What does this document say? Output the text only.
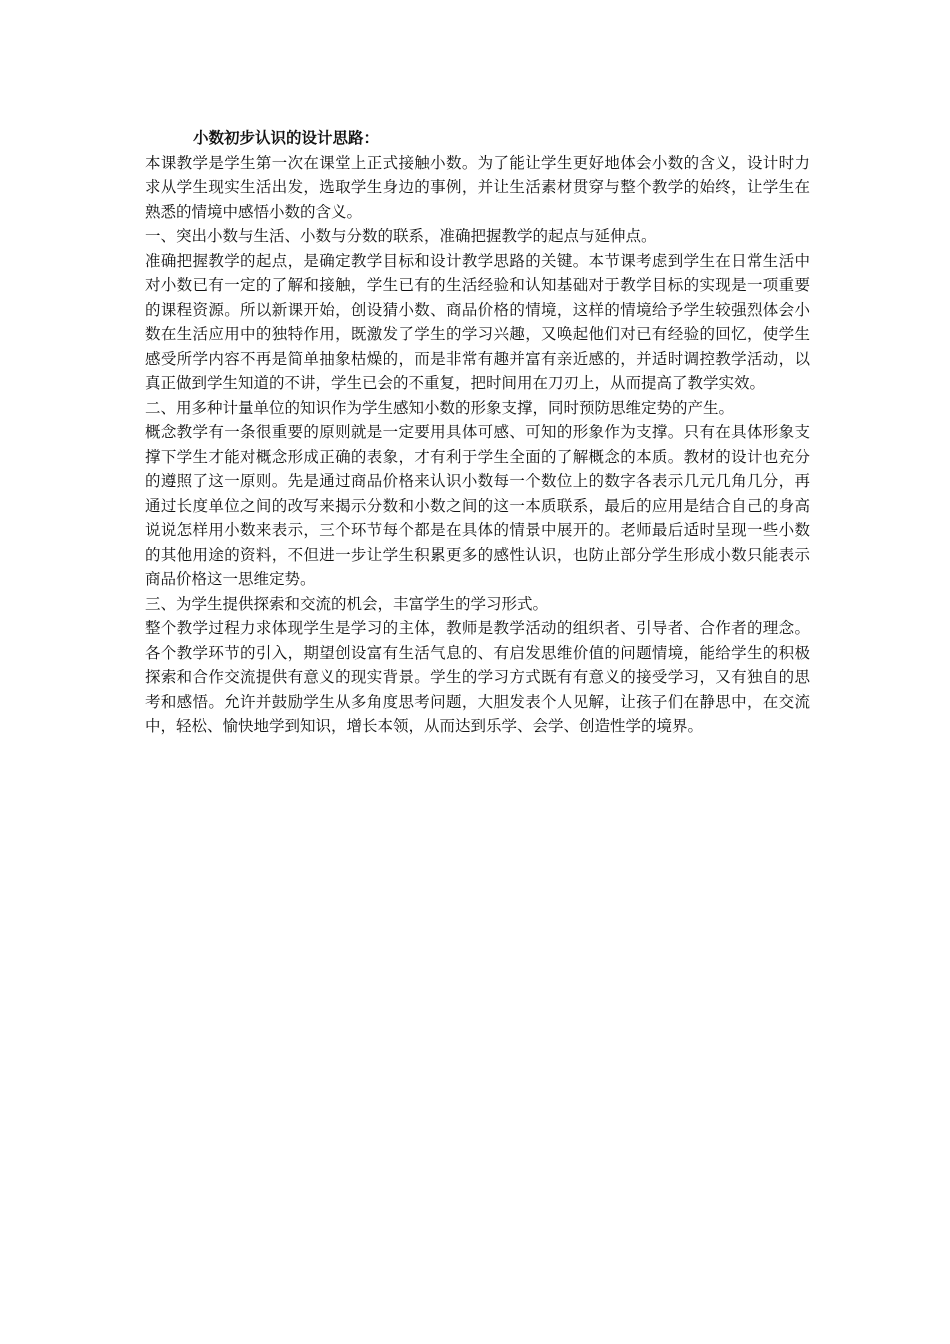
小数初步认识的设计思路：

本课教学是学生第一次在课堂上正式接触小数。为了能让学生更好地体会小数的含义，设计时力求从学生现实生活出发，选取学生身边的事例，并让生活素材贯穿与整个教学的始终，让学生在熟悉的情境中感悟小数的含义。

一、突出小数与生活、小数与分数的联系，准确把握教学的起点与延伸点。

准确把握教学的起点，是确定教学目标和设计教学思路的关键。本节课考虑到学生在日常生活中对小数已有一定的了解和接触，学生已有的生活经验和认知基础对于教学目标的实现是一项重要的课程资源。所以新课开始，创设猜小数、商品价格的情境，这样的情境给予学生较强烈体会小数在生活应用中的独特作用，既激发了学生的学习兴趣，又唤起他们对已有经验的回忆，使学生感受所学内容不再是简单抽象枯燥的，而是非常有趣并富有亲近感的，并适时调控教学活动，以真正做到学生知道的不讲，学生已会的不重复，把时间用在刀刃上，从而提高了教学实效。

二、用多种计量单位的知识作为学生感知小数的形象支撑，同时预防思维定势的产生。

概念教学有一条很重要的原则就是一定要用具体可感、可知的形象作为支撑。只有在具体形象支撑下学生才能对概念形成正确的表象，才有利于学生全面的了解概念的本质。教材的设计也充分的遵照了这一原则。先是通过商品价格来认识小数每一个数位上的数字各表示几元几角几分，再通过长度单位之间的改写来揭示分数和小数之间的这一本质联系，最后的应用是结合自己的身高说说怎样用小数来表示，三个环节每个都是在具体的情景中展开的。老师最后适时呈现一些小数的其他用途的资料，不但进一步让学生积累更多的感性认识，也防止部分学生形成小数只能表示商品价格这一思维定势。

三、为学生提供探索和交流的机会，丰富学生的学习形式。

整个教学过程力求体现学生是学习的主体，教师是教学活动的组织者、引导者、合作者的理念。各个教学环节的引入，期望创设富有生活气息的、有启发思维价值的问题情境，能给学生的积极探索和合作交流提供有意义的现实背景。学生的学习方式既有有意义的接受学习，又有独自的思考和感悟。允许并鼓励学生从多角度思考问题，大胆发表个人见解，让孩子们在静思中，在交流中，轻松、愉快地学到知识，增长本领，从而达到乐学、会学、创造性学的境界。
